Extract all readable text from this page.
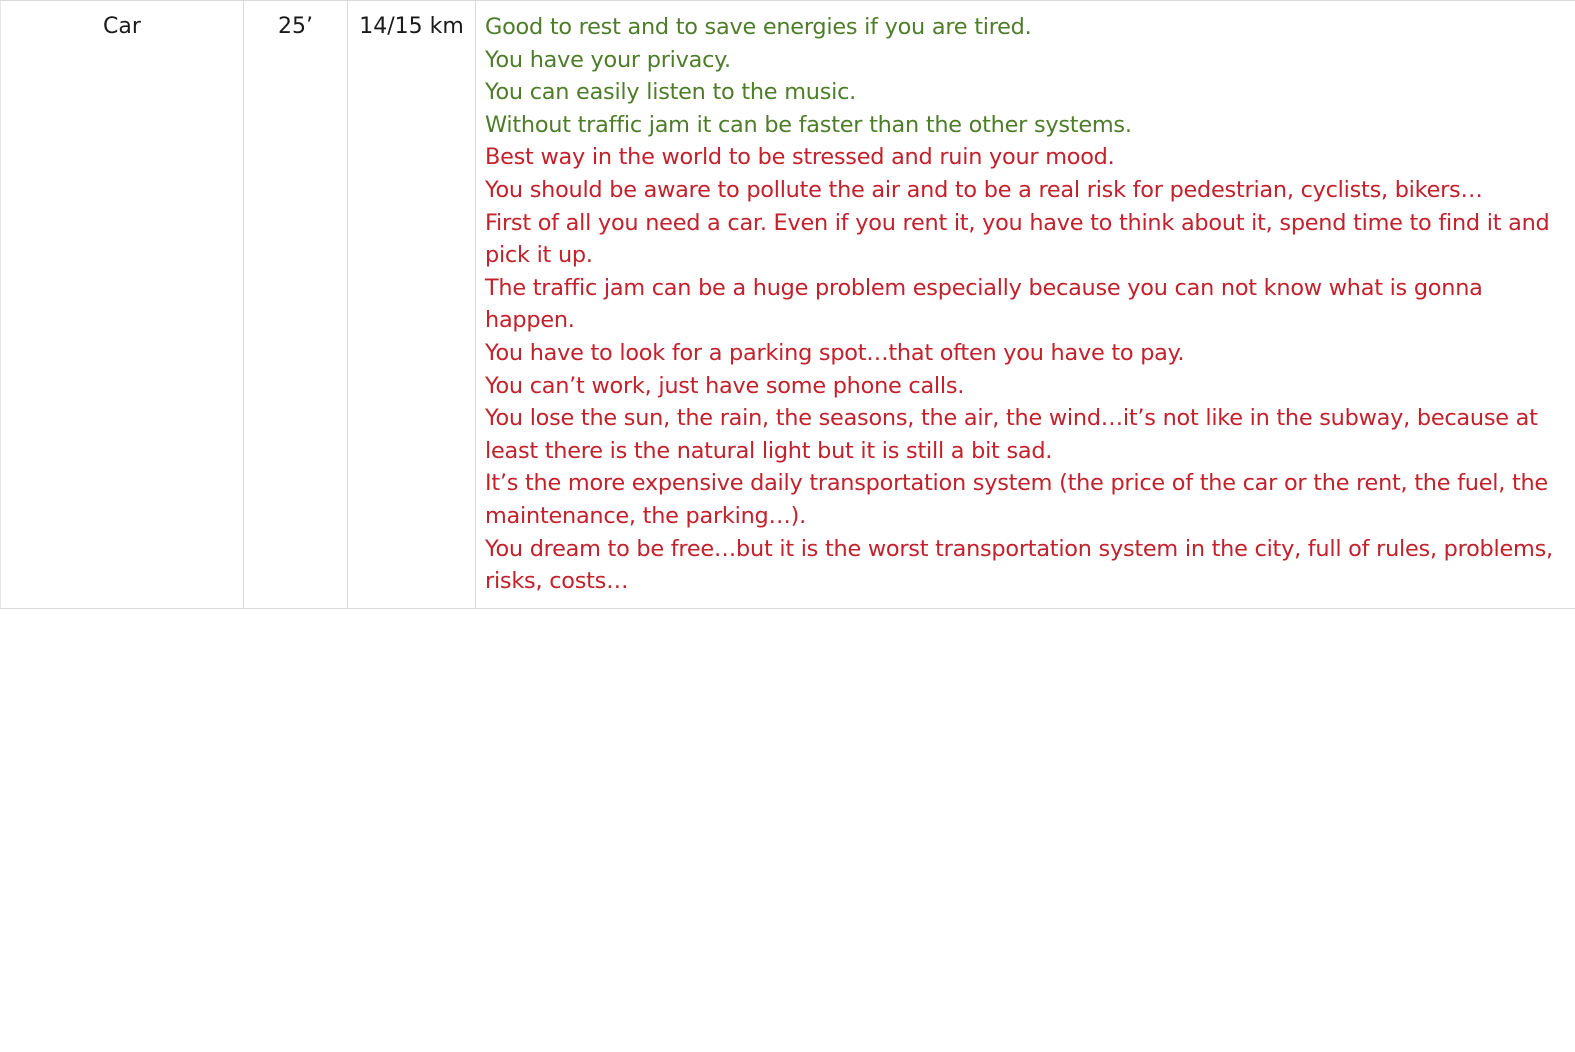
Car	25’	14/15 km	Good to rest and to save energies if you are tired.
You have your privacy.
You can easily listen to the music.
Without traffic jam it can be faster than the other systems.
Best way in the world to be stressed and ruin your mood.
You should be aware to pollute the air and to be a real risk for pedestrian, cyclists, bikers…
First of all you need a car. Even if you rent it, you have to think about it, spend time to find it and pick it up.
The traffic jam can be a huge problem especially because you can not know what is gonna happen.
You have to look for a parking spot…that often you have to pay.
You can’t work, just have some phone calls.
You lose the sun, the rain, the seasons, the air, the wind…it’s not like in the subway, because at least there is the natural light but it is still a bit sad.
It’s the more expensive daily transportation system (the price of the car or the rent, the fuel, the maintenance, the parking…).
You dream to be free…but it is the worst transportation system in the city, full of rules, problems, risks, costs…
